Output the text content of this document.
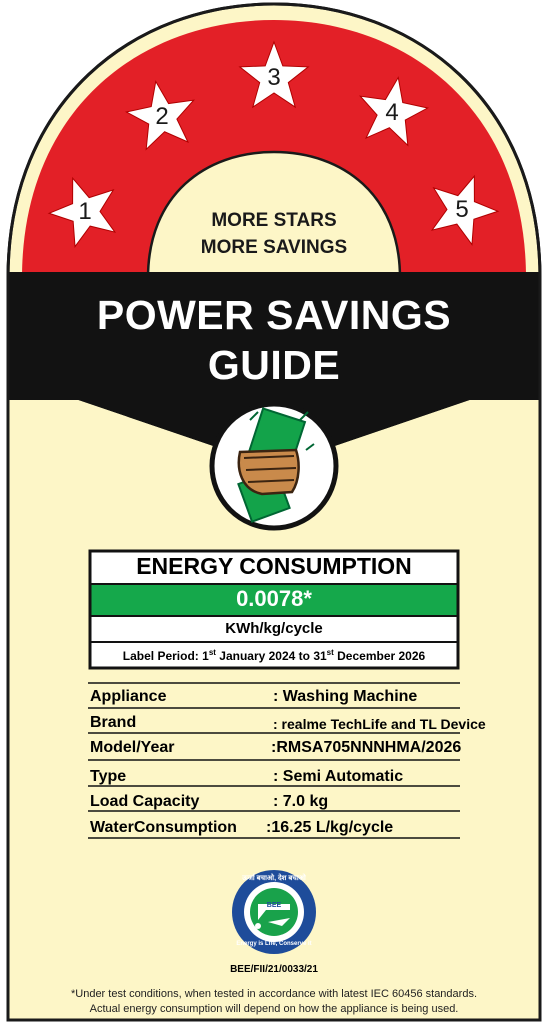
1
2
3
4
5
MORE STARS
MORE SAVINGS
POWER SAVINGS
GUIDE
ENERGY CONSUMPTION
0.0078*
KWh/kg/cycle
Label Period: 1st January 2024 to 31st December 2026
Appliance	: Washing Machine
Brand	: realme TechLife and TL Device
Model/Year	:RMSA705NNNHMA/2026
Type	: Semi Automatic
Load Capacity	: 7.0 kg
WaterConsumption :16.25 L/kg/cycle
ऊर्जा बचाओ, देश बचाओ
Energy is Life, Conserve it
BEE
BEE/FII/21/0033/21
*Under test conditions, when tested in accordance with latest IEC 60456 standards.
Actual energy consumption will depend on how the appliance is being used.
